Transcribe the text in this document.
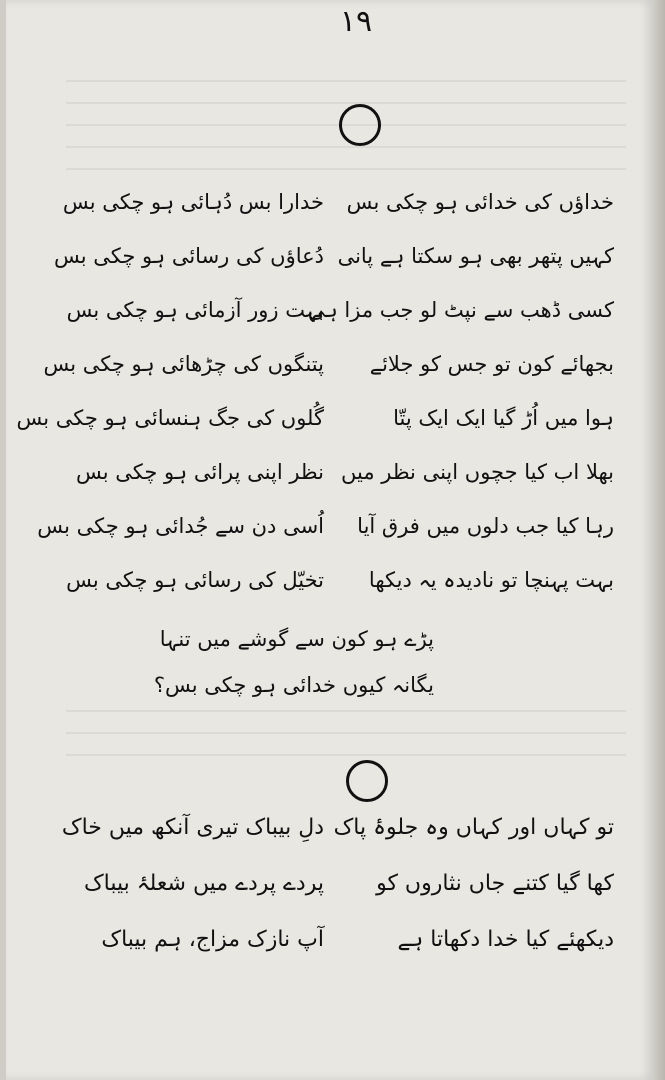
۱۹
خداؤں کی خدائی ہو چکی بس
کہیں پتھر بھی ہو سکتا ہے پانی
کسی ڈھب سے نپٹ لو جب مزا ہی
بجھائے کون تو جس کو جلائے
ہوا میں اُڑ گیا ایک ایک پتّا
بھلا اب کیا جچوں اپنی نظر میں
رہا کیا جب دلوں میں فرق آیا
بہت پہنچا تو نادیدہ یہ دیکھا
خدارا بس دُہائی ہو چکی بس
دُعاؤں کی رسائی ہو چکی بس
بہت زور آزمائی ہو چکی بس
پتنگوں کی چڑھائی ہو چکی بس
گُلوں کی جگ ہنسائی ہو چکی بس
نظر اپنی پرائی ہو چکی بس
اُسی دن سے جُدائی ہو چکی بس
تخیّل کی رسائی ہو چکی بس
پڑے ہو کون سے گوشے میں تنہا
یگانہ کیوں خدائی ہو چکی بس؟
تو کہاں اور کہاں وہ جلوۂ پاک
کھا گیا کتنے جاں نثاروں کو
دیکھئے کیا خدا دکھاتا ہے
دلِ بیباک تیری آنکھ میں خاک
پردے پردے میں شعلۂ بیباک
آپ نازک مزاج، ہم بیباک
